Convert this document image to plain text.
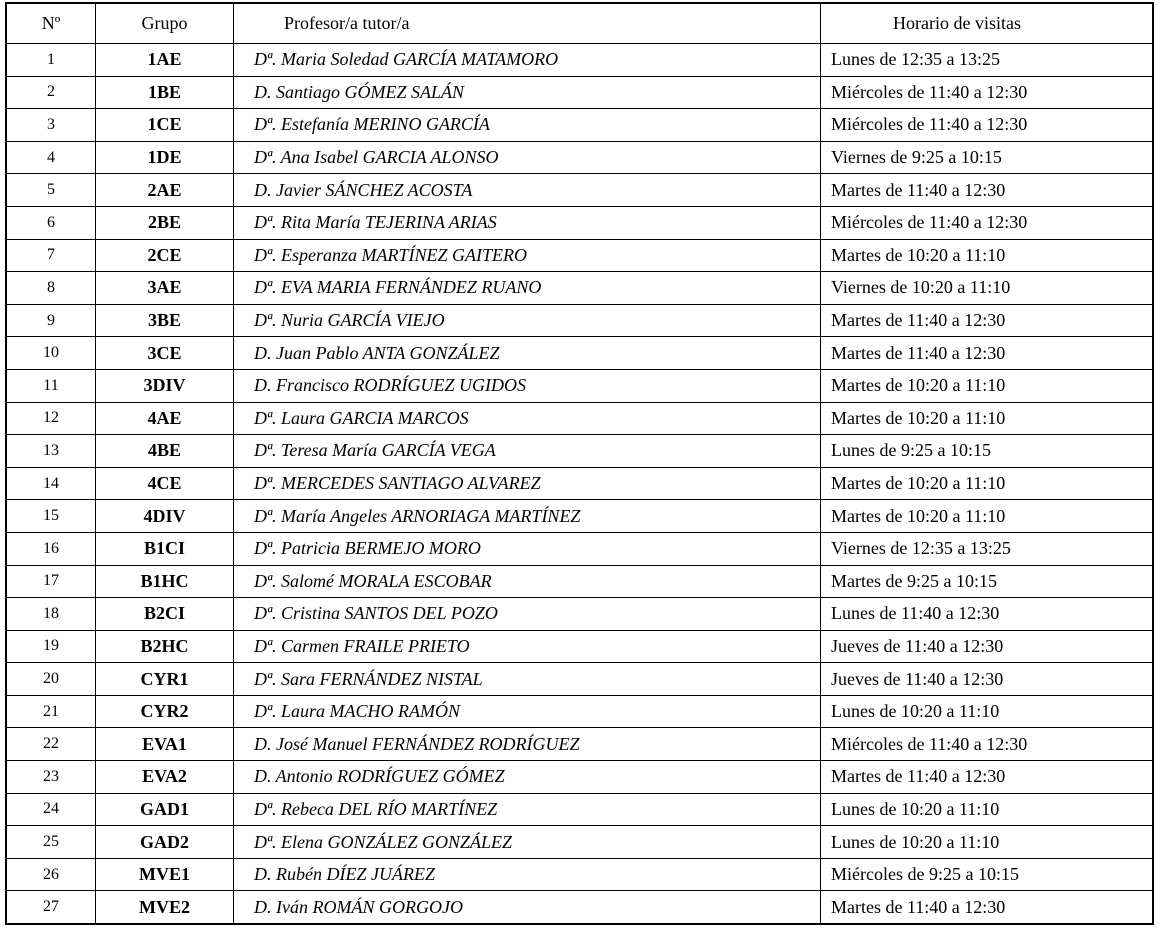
Nº	Grupo	Profesor/a tutor/a	Horario de visitas
1	1AE	Dª. Maria Soledad GARCÍA MATAMORO	Lunes de 12:35 a 13:25
2	1BE	D. Santiago GÓMEZ SALÁN	Miércoles de 11:40 a 12:30
3	1CE	Dª. Estefanía MERINO GARCÍA	Miércoles de 11:40 a 12:30
4	1DE	Dª. Ana Isabel GARCIA ALONSO	Viernes de 9:25 a 10:15
5	2AE	D. Javier SÁNCHEZ ACOSTA	Martes de 11:40 a 12:30
6	2BE	Dª. Rita María TEJERINA ARIAS	Miércoles de 11:40 a 12:30
7	2CE	Dª. Esperanza MARTÍNEZ GAITERO	Martes de 10:20 a 11:10
8	3AE	Dª. EVA MARIA FERNÁNDEZ RUANO	Viernes de 10:20 a 11:10
9	3BE	Dª. Nuria GARCÍA VIEJO	Martes de 11:40 a 12:30
10	3CE	D. Juan Pablo ANTA GONZÁLEZ	Martes de 11:40 a 12:30
11	3DIV	D. Francisco RODRÍGUEZ UGIDOS	Martes de 10:20 a 11:10
12	4AE	Dª. Laura GARCIA MARCOS	Martes de 10:20 a 11:10
13	4BE	Dª. Teresa María GARCÍA VEGA	Lunes de 9:25 a 10:15
14	4CE	Dª. MERCEDES SANTIAGO ALVAREZ	Martes de 10:20 a 11:10
15	4DIV	Dª. María Angeles ARNORIAGA MARTÍNEZ	Martes de 10:20 a 11:10
16	B1CI	Dª. Patricia BERMEJO MORO	Viernes de 12:35 a 13:25
17	B1HC	Dª. Salomé MORALA ESCOBAR	Martes de 9:25 a 10:15
18	B2CI	Dª. Cristina SANTOS DEL POZO	Lunes de 11:40 a 12:30
19	B2HC	Dª. Carmen FRAILE PRIETO	Jueves de 11:40 a 12:30
20	CYR1	Dª. Sara FERNÁNDEZ NISTAL	Jueves de 11:40 a 12:30
21	CYR2	Dª. Laura MACHO RAMÓN	Lunes de 10:20 a 11:10
22	EVA1	D. José Manuel FERNÁNDEZ RODRÍGUEZ	Miércoles de 11:40 a 12:30
23	EVA2	D. Antonio RODRÍGUEZ GÓMEZ	Martes de 11:40 a 12:30
24	GAD1	Dª. Rebeca DEL RÍO MARTÍNEZ	Lunes de 10:20 a 11:10
25	GAD2	Dª. Elena GONZÁLEZ GONZÁLEZ	Lunes de 10:20 a 11:10
26	MVE1	D. Rubén DÍEZ JUÁREZ	Miércoles de 9:25 a 10:15
27	MVE2	D. Iván ROMÁN GORGOJO	Martes de 11:40 a 12:30
